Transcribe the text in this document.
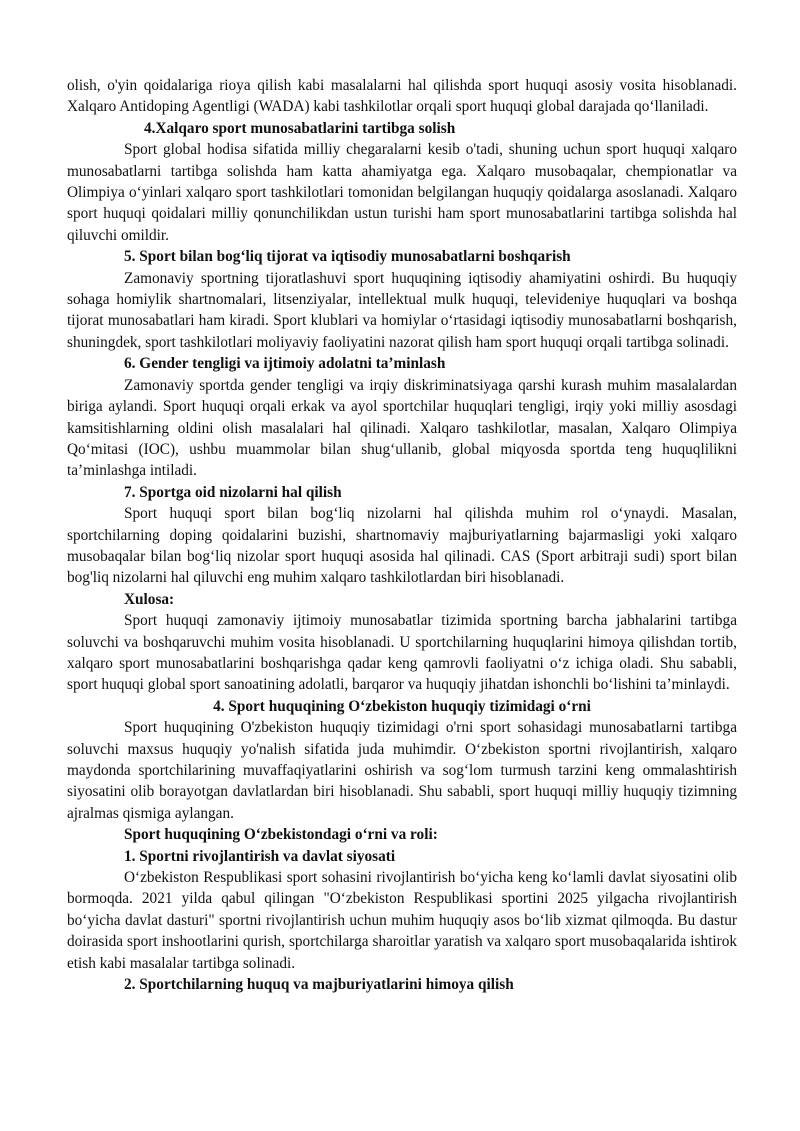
olish, o'yin qoidalariga rioya qilish kabi masalalarni hal qilishda sport huquqi asosiy vosita hisoblanadi. Xalqaro Antidoping Agentligi (WADA) kabi tashkilotlar orqali sport huquqi global darajada qo‘llaniladi.

4.Xalqaro sport munosabatlarini tartibga solish

Sport global hodisa sifatida milliy chegaralarni kesib o'tadi, shuning uchun sport huquqi xalqaro munosabatlarni tartibga solishda ham katta ahamiyatga ega. Xalqaro musobaqalar, chempionatlar va Olimpiya o‘yinlari xalqaro sport tashkilotlari tomonidan belgilangan huquqiy qoidalarga asoslanadi. Xalqaro sport huquqi qoidalari milliy qonunchilikdan ustun turishi ham sport munosabatlarini tartibga solishda hal qiluvchi omildir.

5. Sport bilan bog‘liq tijorat va iqtisodiy munosabatlarni boshqarish

Zamonaviy sportning tijoratlashuvi sport huquqining iqtisodiy ahamiyatini oshirdi. Bu huquqiy sohaga homiylik shartnomalari, litsenziyalar, intellektual mulk huquqi, televideniye huquqlari va boshqa tijorat munosabatlari ham kiradi. Sport klublari va homiylar o‘rtasidagi iqtisodiy munosabatlarni boshqarish, shuningdek, sport tashkilotlari moliyaviy faoliyatini nazorat qilish ham sport huquqi orqali tartibga solinadi.

6. Gender tengligi va ijtimoiy adolatni ta’minlash

Zamonaviy sportda gender tengligi va irqiy diskriminatsiyaga qarshi kurash muhim masalalardan biriga aylandi. Sport huquqi orqali erkak va ayol sportchilar huquqlari tengligi, irqiy yoki milliy asosdagi kamsitishlarning oldini olish masalalari hal qilinadi. Xalqaro tashkilotlar, masalan, Xalqaro Olimpiya Qo‘mitasi (IOC), ushbu muammolar bilan shug‘ullanib, global miqyosda sportda teng huquqlilikni ta’minlashga intiladi.

7. Sportga oid nizolarni hal qilish

Sport huquqi sport bilan bog‘liq nizolarni hal qilishda muhim rol o‘ynaydi. Masalan, sportchilarning doping qoidalarini buzishi, shartnomaviy majburiyatlarning bajarmasligi yoki xalqaro musobaqalar bilan bog‘liq nizolar sport huquqi asosida hal qilinadi. CAS (Sport arbitraji sudi) sport bilan bog'liq nizolarni hal qiluvchi eng muhim xalqaro tashkilotlardan biri hisoblanadi.

Xulosa:

Sport huquqi zamonaviy ijtimoiy munosabatlar tizimida sportning barcha jabhalarini tartibga soluvchi va boshqaruvchi muhim vosita hisoblanadi. U sportchilarning huquqlarini himoya qilishdan tortib, xalqaro sport munosabatlarini boshqarishga qadar keng qamrovli faoliyatni o‘z ichiga oladi. Shu sababli, sport huquqi global sport sanoatining adolatli, barqaror va huquqiy jihatdan ishonchli bo‘lishini ta’minlaydi.

4. Sport huquqining O‘zbekiston huquqiy tizimidagi o‘rni

Sport huquqining O'zbekiston huquqiy tizimidagi o'rni sport sohasidagi munosabatlarni tartibga soluvchi maxsus huquqiy yo'nalish sifatida juda muhimdir. O‘zbekiston sportni rivojlantirish, xalqaro maydonda sportchilarining muvaffaqiyatlarini oshirish va sog‘lom turmush tarzini keng ommalashtirish siyosatini olib borayotgan davlatlardan biri hisoblanadi. Shu sababli, sport huquqi milliy huquqiy tizimning ajralmas qismiga aylangan.

Sport huquqining O‘zbekistondagi o‘rni va roli:

1. Sportni rivojlantirish va davlat siyosati

O‘zbekiston Respublikasi sport sohasini rivojlantirish bo‘yicha keng ko‘lamli davlat siyosatini olib bormoqda. 2021 yilda qabul qilingan "O‘zbekiston Respublikasi sportini 2025 yilgacha rivojlantirish bo‘yicha davlat dasturi" sportni rivojlantirish uchun muhim huquqiy asos bo‘lib xizmat qilmoqda. Bu dastur doirasida sport inshootlarini qurish, sportchilarga sharoitlar yaratish va xalqaro sport musobaqalarida ishtirok etish kabi masalalar tartibga solinadi.

2. Sportchilarning huquq va majburiyatlarini himoya qilish
